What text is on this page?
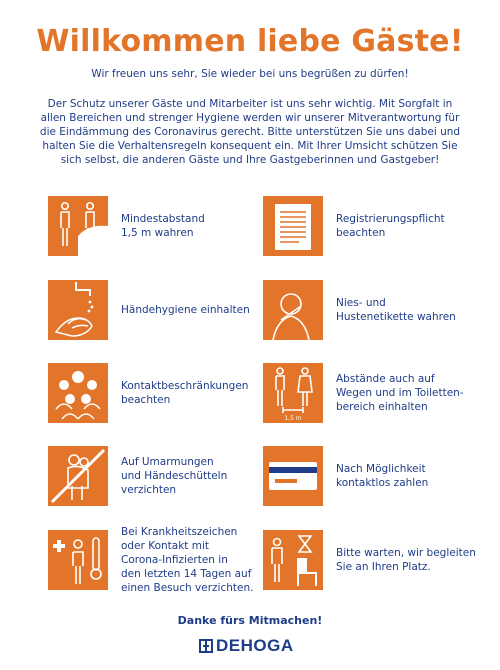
Willkommen liebe Gäste!
Wir freuen uns sehr, Sie wieder bei uns begrüßen zu dürfen!
Der Schutz unserer Gäste und Mitarbeiter ist uns sehr wichtig. Mit Sorgfalt in allen Bereichen und strenger Hygiene werden wir unserer Mitverantwortung für die Eindämmung des Coronavirus gerecht. Bitte unterstützen Sie uns dabei und halten Sie die Verhaltensregeln konsequent ein. Mit Ihrer Umsicht schützen Sie sich selbst, die anderen Gäste und Ihre Gastgeberinnen und Gastgeber!
Mindestabstand
1,5 m wahren
Händehygiene einhalten
Kontaktbeschränkungen
beachten
Auf Umarmungen
und Händeschütteln
verzichten
Bei Krankheitszeichen
oder Kontakt mit
Corona-Infizierten in
den letzten 14 Tagen auf
einen Besuch verzichten.
Registrierungspflicht
beachten
Nies- und
Hustenetikette wahren
1,5 m
Abstände auch auf
Wegen und im Toiletten-
bereich einhalten
Nach Möglichkeit
kontaktlos zahlen
Bitte warten, wir begleiten
Sie an Ihren Platz.
Danke fürs Mitmachen!
DEHOGA
